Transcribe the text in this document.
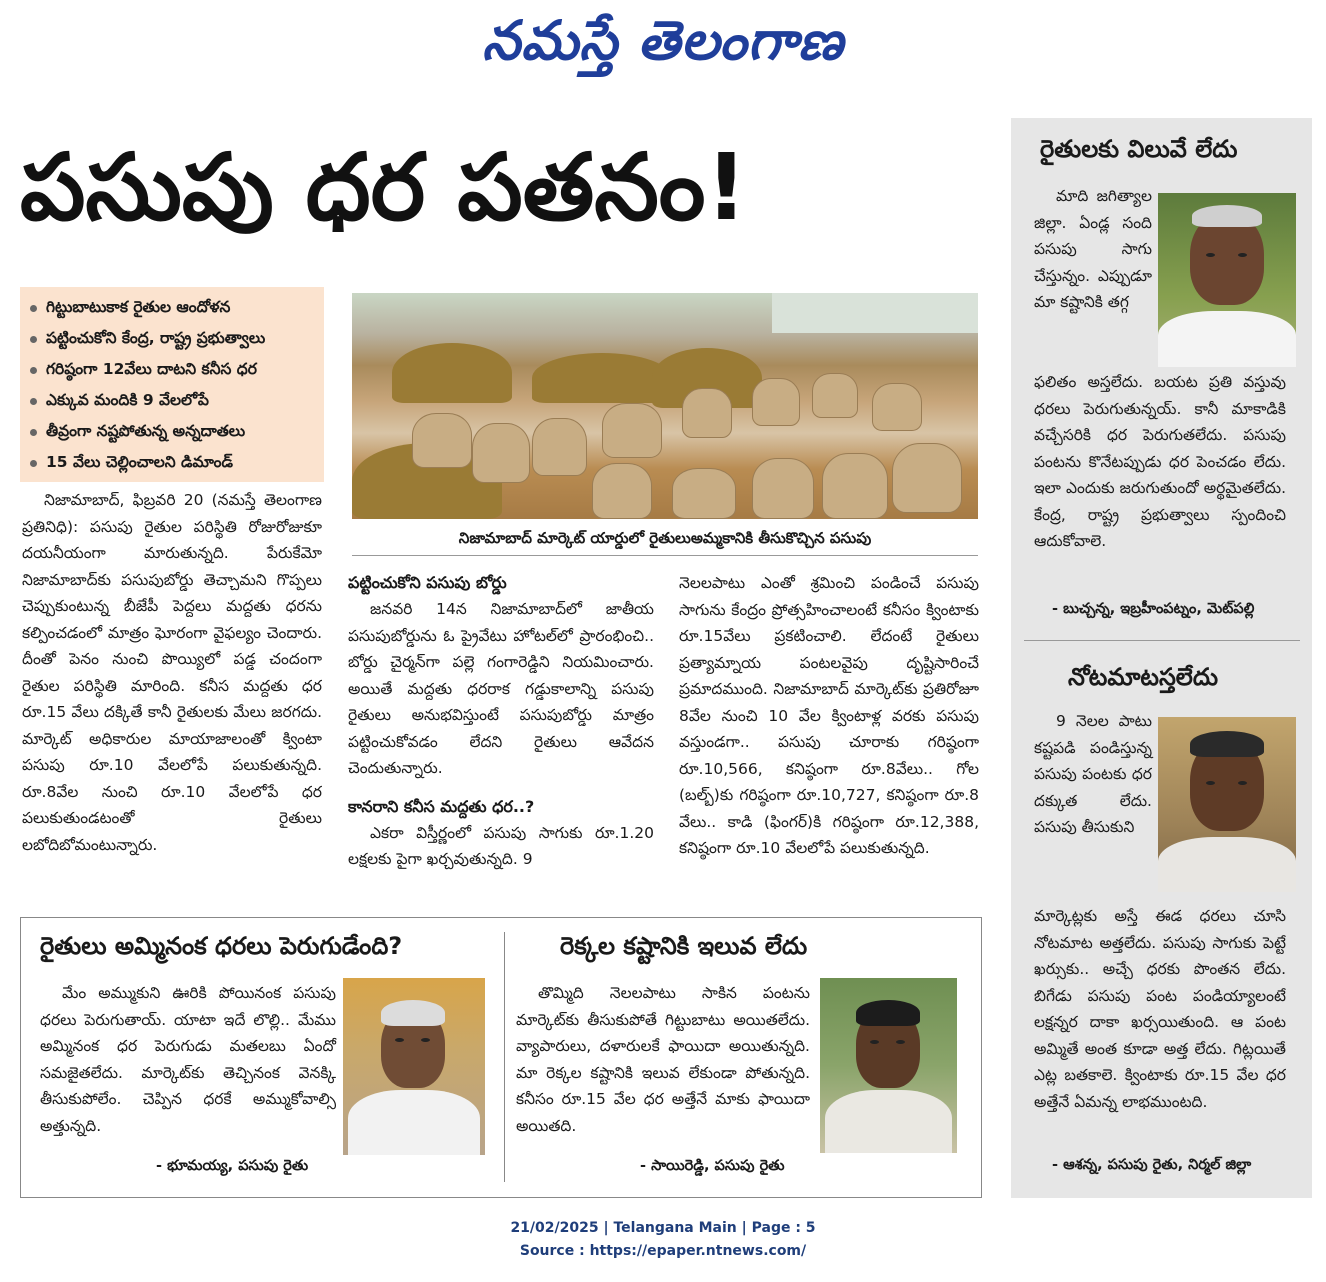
నమస్తే తెలంగాణ
పసుపు ధర పతనం!
గిట్టుబాటుకాక రైతుల ఆందోళన
పట్టించుకోని కేంద్ర, రాష్ట్ర ప్రభుత్వాలు
గరిష్ఠంగా 12వేలు దాటని కనీస ధర
ఎక్కువ మందికి 9 వేలలోపే
తీవ్రంగా నష్టపోతున్న అన్నదాతలు
15 వేలు చెల్లించాలని డిమాండ్
నిజామాబాద్, ఫిబ్రవరి 20 (నమస్తే తెలంగాణ ప్రతినిధి): పసుపు రైతుల పరిస్థితి రోజురోజుకూ దయనీయంగా మారుతున్నది. పేరుకేమో నిజామాబాద్‌కు పసుపుబోర్డు తెచ్చామని గొప్పలు చెప్పుకుంటున్న బీజేపీ పెద్దలు మద్దతు ధరను కల్పించడంలో మాత్రం ఘోరంగా వైఫల్యం చెందారు. దీంతో పెనం నుంచి పొయ్యిలో పడ్డ చందంగా రైతుల పరిస్థితి మారింది. కనీస మద్దతు ధర రూ.15 వేలు దక్కితే కానీ రైతులకు మేలు జరగదు. మార్కెట్ అధికారుల మాయాజాలంతో క్వింటా పసుపు రూ.10 వేలలోపే పలుకుతున్నది. రూ.8వేల నుంచి రూ.10 వేలలోపే ధర పలుకుతుండటంతో రైతులు లబోదిబోమంటున్నారు.
నిజామాబాద్ మార్కెట్ యార్డులో రైతులుఅమ్మకానికి తీసుకొచ్చిన పసుపు
పట్టించుకోని పసుపు బోర్డు
జనవరి 14న నిజామాబాద్‌లో జాతీయ పసుపుబోర్డును ఓ ప్రైవేటు హోటల్‌లో ప్రారంభించి.. బోర్డు చైర్మన్‌గా పల్లె గంగారెడ్డిని నియమించారు. అయితే మద్దతు ధరరాక గడ్డుకాలాన్ని పసుపు రైతులు అనుభవిస్తుంటే పసుపుబోర్డు మాత్రం పట్టించుకోవడం లేదని రైతులు ఆవేదన చెందుతున్నారు.
కానరాని కనీస మద్దతు ధర..?
ఎకరా విస్తీర్ణంలో పసుపు సాగుకు రూ.1.20 లక్షలకు పైగా ఖర్చవుతున్నది. 9
నెలలపాటు ఎంతో శ్రమించి పండించే పసుపు సాగును కేంద్రం ప్రోత్సహించాలంటే కనీసం క్వింటాకు రూ.15వేలు ప్రకటించాలి. లేదంటే రైతులు ప్రత్యామ్నాయ పంటలవైపు దృష్టిసారించే ప్రమాదముంది. నిజామాబాద్ మార్కెట్‌కు ప్రతిరోజూ 8వేల నుంచి 10 వేల క్వింటాళ్ల వరకు పసుపు వస్తుండగా.. పసుపు చూరాకు గరిష్ఠంగా రూ.10,566, కనిష్ఠంగా రూ.8వేలు.. గోల (బల్బ్)కు గరిష్ఠంగా రూ.10,727, కనిష్ఠంగా రూ.8 వేలు.. కాడి (ఫింగర్)కి గరిష్ఠంగా రూ.12,388, కనిష్ఠంగా రూ.10 వేలలోపే పలుకుతున్నది.
రైతులు అమ్మినంక ధరలు పెరుగుడేంది?
మేం అమ్ముకుని ఊరికి పోయినంక పసుపు ధరలు పెరుగుతాయ్. యాటా ఇదే లొల్లి.. మేము అమ్మినంక ధర పెరుగుడు మతలబు ఏందో సమజైతలేదు. మార్కెట్‌కు తెచ్చినంక వెనక్కి తీసుకుపోలేం. చెప్పిన ధరకే అమ్ముకోవాల్సి అత్తున్నది.
- భూమయ్య, పసుపు రైతు
రెక్కల కష్టానికి ఇలువ లేదు
తొమ్మిది నెలలపాటు సాకిన పంటను మార్కెట్‌కు తీసుకుపోతే గిట్టుబాటు అయితలేదు. వ్యాపారులు, దళారులకే ఫాయిదా అయితున్నది. మా రెక్కల కష్టానికి ఇలువ లేకుండా పోతున్నది. కనీసం రూ.15 వేల ధర అత్తేనే మాకు ఫాయిదా అయితది.
- సాయిరెడ్డి, పసుపు రైతు
రైతులకు విలువే లేదు
మాది జగిత్యాల జిల్లా. ఏండ్ల సంది పసుపు సాగు చేస్తున్నం. ఎప్పుడూ మా కష్టానికి తగ్గ
ఫలితం అస్తలేదు. బయట ప్రతి వస్తువు ధరలు పెరుగుతున్నయ్. కానీ మాకాడికి వచ్చేసరికి ధర పెరుగుతలేదు. పసుపు పంటను కొనేటప్పుడు ధర పెంచడం లేదు. ఇలా ఎందుకు జరుగుతుందో అర్థమైతలేదు. కేంద్ర, రాష్ట్ర ప్రభుత్వాలు స్పందించి ఆదుకోవాలె.
- బుచ్చన్న, ఇబ్రహీంపట్నం, మెట్‌పల్లి
నోటమాటస్తలేదు
9 నెలల పాటు కష్టపడి పండిస్తున్న పసుపు పంటకు ధర దక్కుత లేదు. పసుపు తీసుకుని
మార్కెట్లకు అస్తే ఈడ ధరలు చూసి నోటమాట అత్తలేదు. పసుపు సాగుకు పెట్టే ఖర్సుకు.. అచ్చే ధరకు పొంతన లేదు. బిగేడు పసుపు పంట పండియ్యాలంటే లక్షన్నర దాకా ఖర్సయితుంది. ఆ పంట అమ్మితే అంత కూడా అత్త లేదు. గిట్లయితే ఎట్ల బతకాలె. క్వింటాకు రూ.15 వేల ధర అత్తేనే ఏమన్న లాభముంటది.
- ఆశన్న, పసుపు రైతు, నిర్మల్ జిల్లా
21/02/2025 | Telangana Main | Page : 5
Source : https://epaper.ntnews.com/
